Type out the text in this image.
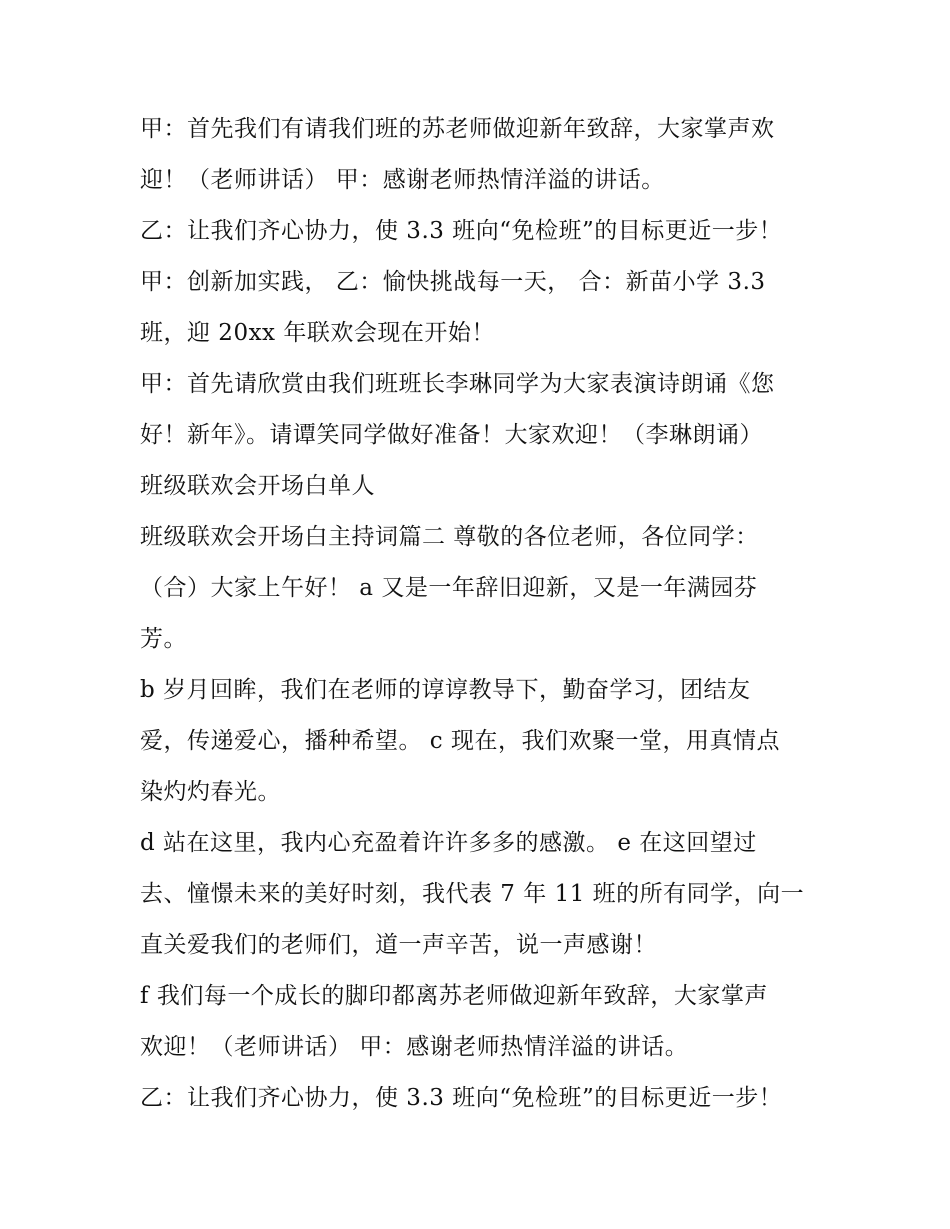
甲：首先我们有请我们班的苏老师做迎新年致辞，大家掌声欢
迎！（老师讲话） 甲：感谢老师热情洋溢的讲话。
乙：让我们齐心协力，使 3.3 班向“免检班”的目标更近一步！
甲：创新加实践， 乙：愉快挑战每一天， 合：新苗小学 3.3
班，迎 20xx 年联欢会现在开始！
甲：首先请欣赏由我们班班长李琳同学为大家表演诗朗诵《您
好！新年》。请谭笑同学做好准备！大家欢迎！（李琳朗诵）
班级联欢会开场白单人
班级联欢会开场白主持词篇二 尊敬的各位老师，各位同学：
（合）大家上午好！ a 又是一年辞旧迎新，又是一年满园芬
芳。
b 岁月回眸，我们在老师的谆谆教导下，勤奋学习，团结友
爱，传递爱心，播种希望。 c 现在，我们欢聚一堂，用真情点
染灼灼春光。
d 站在这里，我内心充盈着许许多多的感激。 e 在这回望过
去、憧憬未来的美好时刻，我代表 7 年 11 班的所有同学，向一
直关爱我们的老师们，道一声辛苦，说一声感谢！
f 我们每一个成长的脚印都离苏老师做迎新年致辞，大家掌声
欢迎！（老师讲话） 甲：感谢老师热情洋溢的讲话。
乙：让我们齐心协力，使 3.3 班向“免检班”的目标更近一步！
